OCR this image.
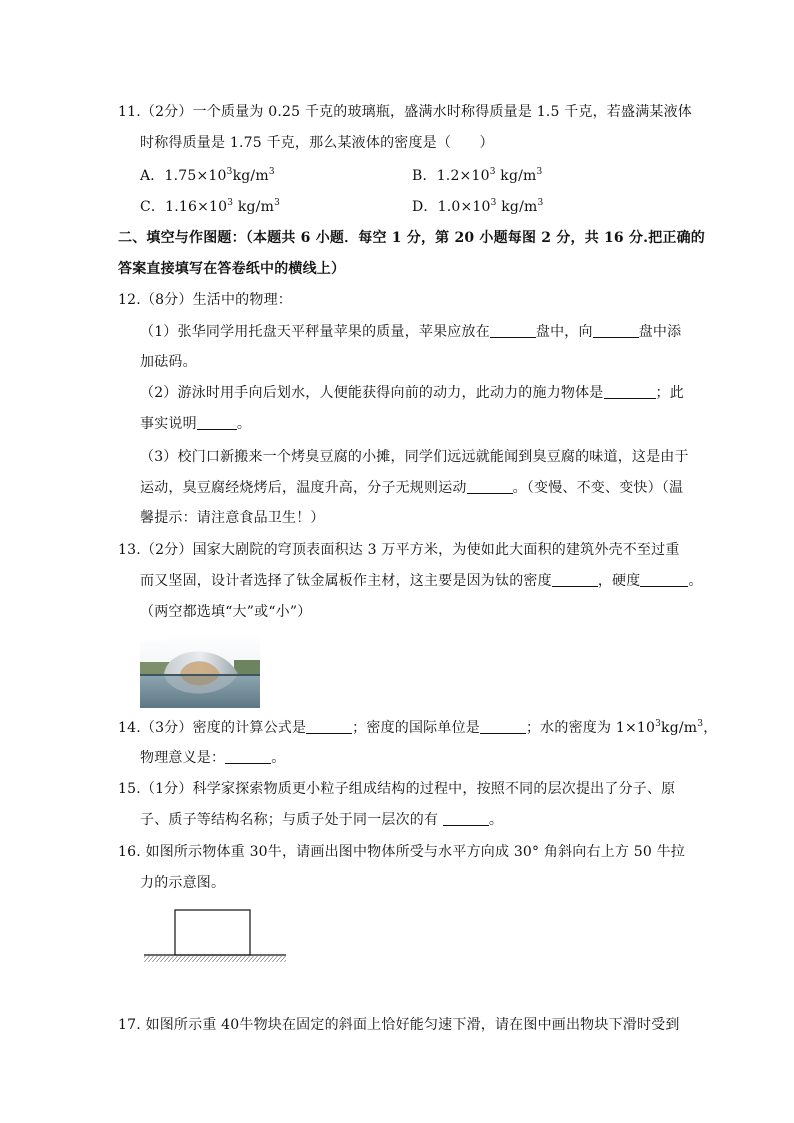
11.（2分）一个质量为 0.25 千克的玻璃瓶，盛满水时称得质量是 1.5 千克，若盛满某液体
时称得质量是 1.75 千克，那么某液体的密度是（　　）
A．$1.75\times 10^3kg/m^3$	B．$1.2\times 10^3$ $kg/m^3$
C．$1.16\times 10^3$ $kg/m^3$	D．$1.0\times 10^3$ $kg/m^3$
二、填空与作图题：（本题共 6 小题．每空 1 分，第 20 小题每图 2 分，共 16 分.把正确的
答案直接填写在答卷纸中的横线上）
12.（8分）生活中的物理：
（1）张华同学用托盘天平秤量苹果的质量，苹果应放在	盘中，向	盘中添
加砝码。
（2）游泳时用手向后划水，人便能获得向前的动力，此动力的施力物体是	；此
事实说明	。
（3）校门口新搬来一个烤臭豆腐的小摊，同学们远远就能闻到臭豆腐的味道，这是由于
运动，臭豆腐经烧烤后，温度升高，分子无规则运动	。（变慢、不变、变快）（温
馨提示：请注意食品卫生！）
13.（2分）国家大剧院的穹顶表面积达 3 万平方米，为使如此大面积的建筑外壳不至过重
而又坚固，设计者选择了钛金属板作主材，这主要是因为钛的密度	，硬度	。
（两空都选填“大”或“小”）
14.（3分）密度的计算公式是	；密度的国际单位是	；水的密度为 $1\times 10^3kg/m^3$，
物理意义是：	。
15.（1分）科学家探索物质更小粒子组成结构的过程中，按照不同的层次提出了分子、原
子、质子等结构名称；与质子处于同一层次的有	。
16. 如图所示物体重 30牛，请画出图中物体所受与水平方向成 30° 角斜向右上方 50 牛拉
力的示意图。
17. 如图所示重 40牛物块在固定的斜面上恰好能匀速下滑，请在图中画出物块下滑时受到
